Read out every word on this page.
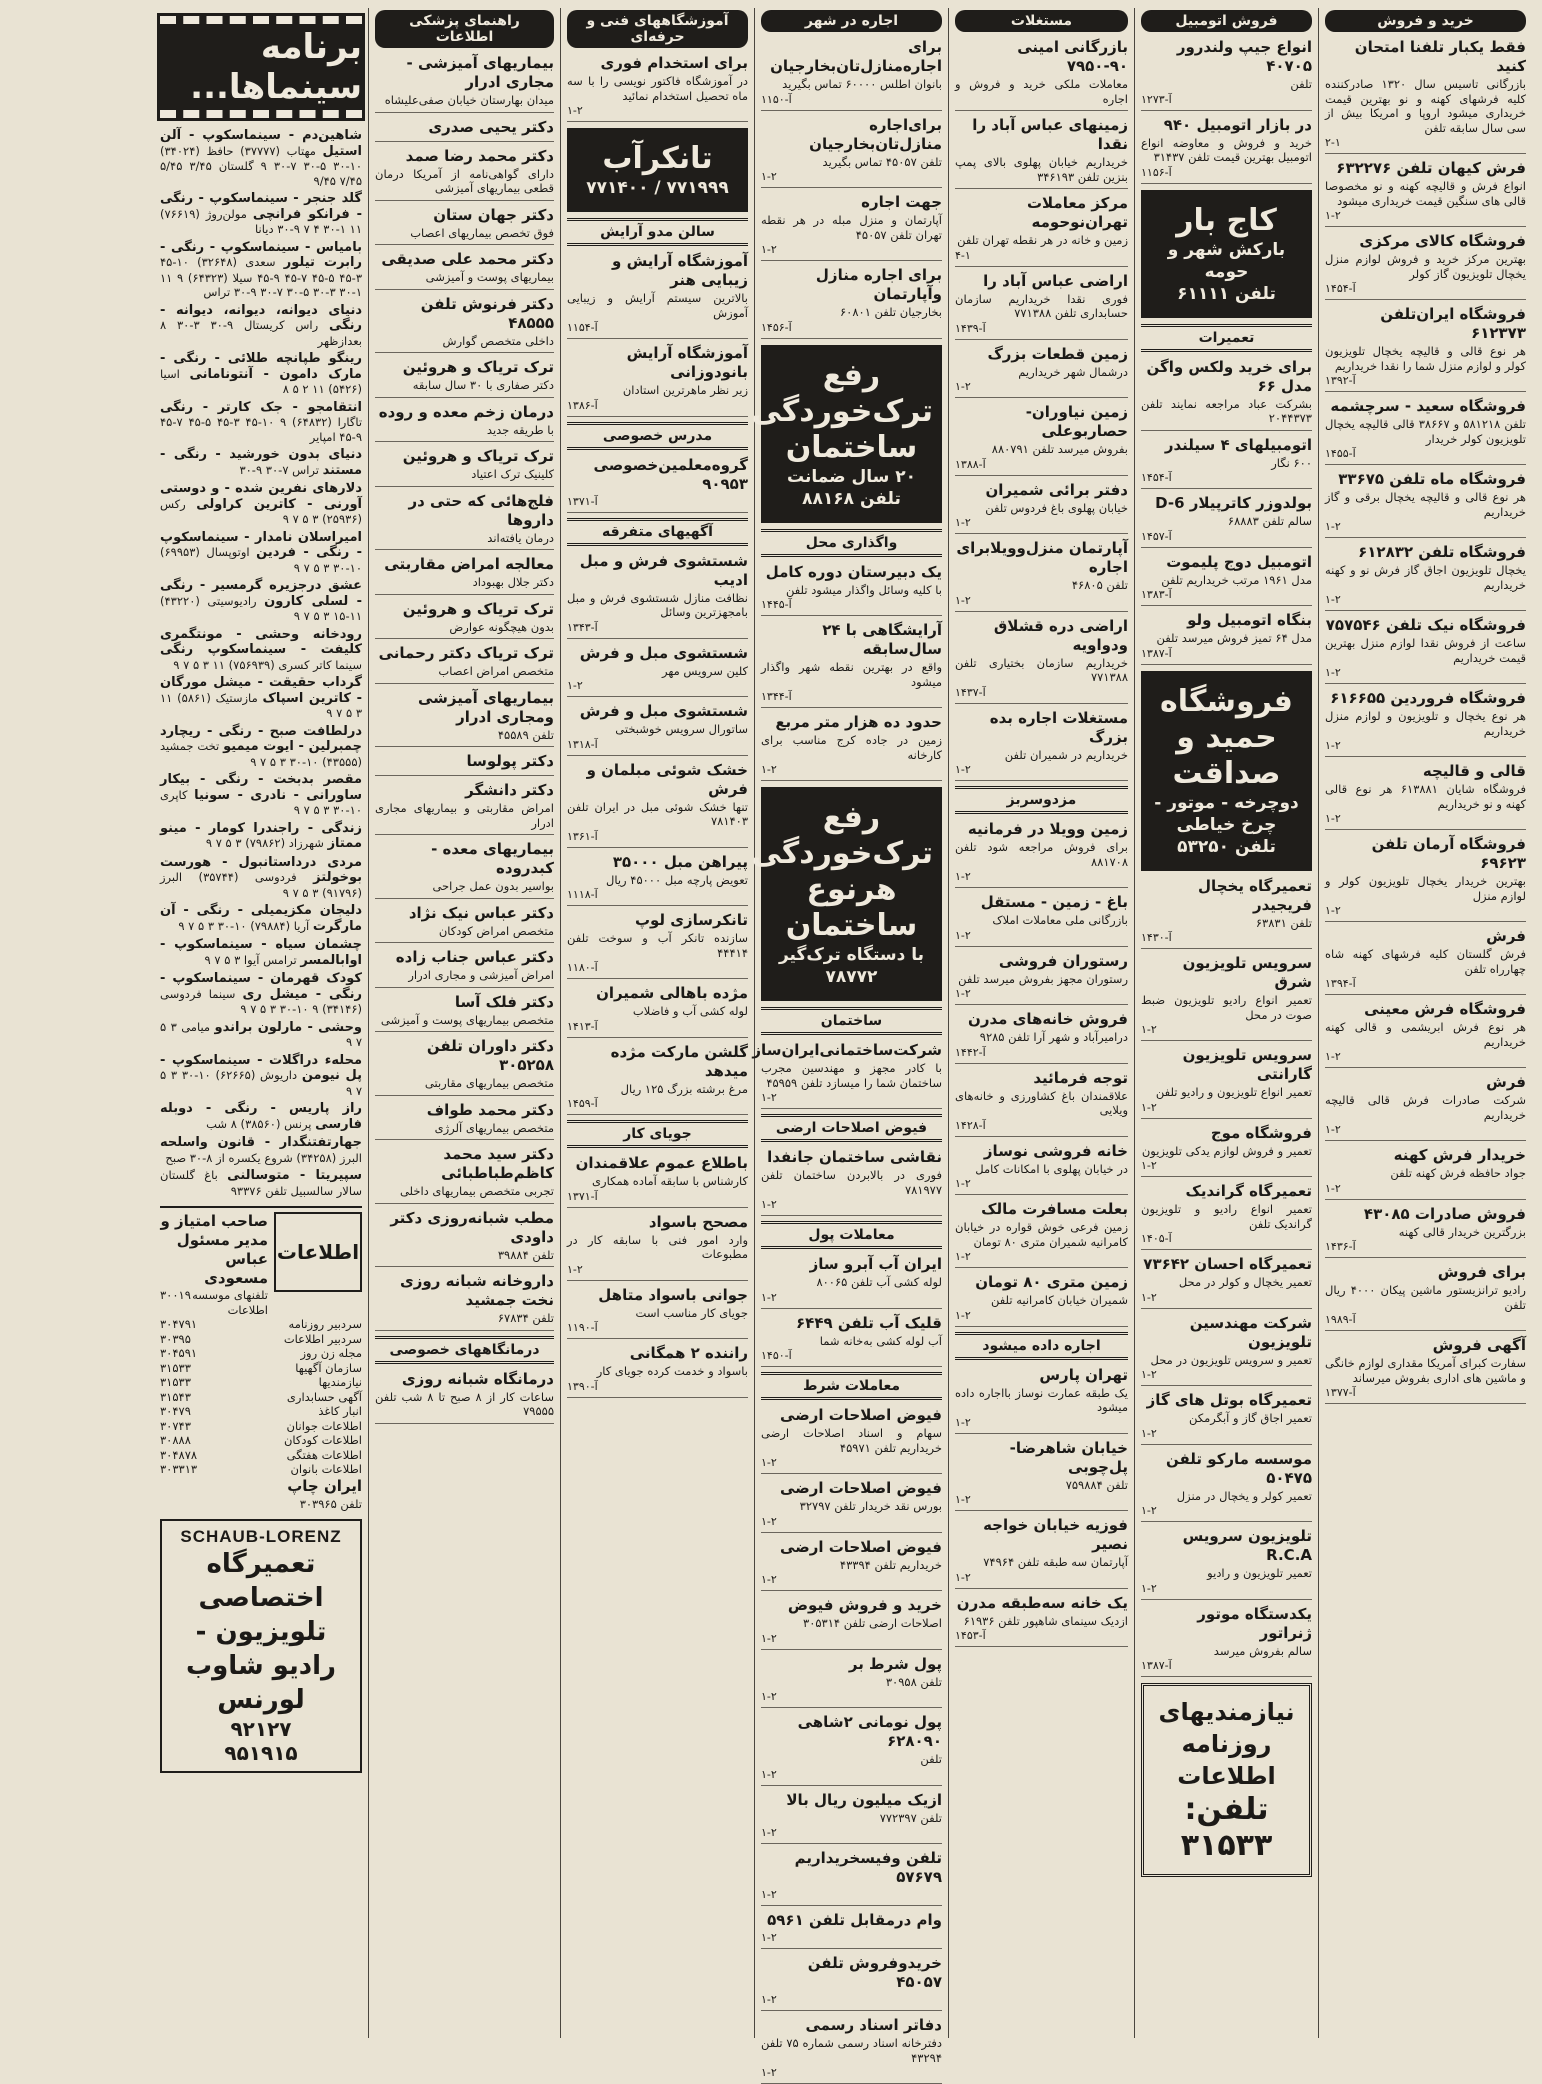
خرید و فروش
فقط یکبار تلفنا امتحان کنید
بازرگانی تاسیس سال ۱۳۲۰ صادرکننده کلیه فرشهای کهنه و نو بهترین قیمت خریداری میشود اروپا و امریکا بیش از سی سال سابقه تلفن
۲-۱
فرش کیهان تلفن ۶۳۲۲۷۶
انواع فرش و قالیچه کهنه و نو مخصوصا قالی های سنگین قیمت خریداری میشود
۱-۲
فروشگاه کالای مرکزی
بهترین مرکز خرید و فروش لوازم منزل یخچال تلویزیون گاز کولر
۱۴۵۴-آ
فروشگاه ایران‌تلفن ۶۱۲۳۷۳
هر نوع قالی و قالیچه یخچال تلویزیون کولر و لوازم منزل شما را نقدا خریداریم
۱۳۹۲-آ
فروشگاه سعید - سرچشمه
تلفن ۵۸۱۲۱۸ و ۳۸۶۶۷ قالی قالیچه یخچال تلویزیون کولر خریدار
۱۴۵۵-آ
فروشگاه ماه تلفن ۳۳۶۷۵
هر نوع قالی و قالیچه یخچال برقی و گاز خریداریم
۱-۲
فروشگاه تلفن ۶۱۲۸۳۲
یخچال تلویزیون اجاق گاز فرش نو و کهنه خریداریم
۱-۲
فروشگاه نیک تلفن ۷۵۷۵۴۶
ساعت از فروش نقدا لوازم منزل بهترین قیمت خریداریم
۱-۲
فروشگاه فروردین ۶۱۶۶۵۵
هر نوع یخچال و تلویزیون و لوازم منزل خریداریم
۱-۲
قالی و قالیچه
فروشگاه شایان ۶۱۳۸۸۱ هر نوع قالی کهنه و نو خریداریم
۱-۲
فروشگاه آرمان تلفن ۶۹۶۲۳
بهترین خریدار یخچال تلویزیون کولر و لوازم منزل
۱-۲
فرش
فرش گلستان کلیه فرشهای کهنه شاه چهارراه تلفن
۱۳۹۴-آ
فروشگاه فرش معینی
هر نوع فرش ابریشمی و قالی کهنه خریداریم
۱-۲
فرش
شرکت صادرات فرش قالی قالیچه خریداریم
۱-۲
خریدار فرش کهنه
جواد حافظه فرش کهنه تلفن
۱-۲
فروش صادرات ۴۳۰۸۵
بزرگترین خریدار قالی کهنه
۱۴۳۶-آ
برای فروش
رادیو ترانزیستور ماشین پیکان ۴۰۰۰ ریال تلفن
۱۹۸۹-آ
آگهی فروش
سفارت کبرای آمریکا مقداری لوازم خانگی و ماشین های اداری بفروش میرساند
۱۳۷۷-آ
فروش اتومبیل
انواع جیپ ولندرور ۴۰۷۰۵
تلفن
۱۲۷۳-آ
در بازار اتومبیل ۹۴۰
خرید و فروش و معاوضه انواع اتومبیل بهترین قیمت تلفن ۳۱۴۳۷
۱۱۵۶-آ
کاج بار
بارکش شهر و حومه
تلفن ۶۱۱۱۱
تعمیرات
برای خرید ولکس واگن مدل ۶۶
بشرکت عباد مراجعه نمایند تلفن ۲۰۴۴۳۷۳
اتومبیلهای ۴ سیلندر
۶۰۰ نگار
۱۴۵۴-آ
بولدوزر کاترپیلار D-6
سالم تلفن ۶۸۸۸۳
۱۴۵۷-آ
اتومبیل دوج پلیموت
مدل ۱۹۶۱ مرتب خریداریم تلفن
۱۳۸۳-آ
بنگاه اتومبیل ولو
مدل ۶۴ تمیز فروش میرسد تلفن
۱۳۸۷-آ
فروشگاه حمید و صداقت
دوچرخه - موتور - چرخ خیاطی
تلفن ۵۳۲۵۰
تعمیرگاه یخچال فریجیدر
تلفن ۶۳۸۳۱
۱۴۳۰-آ
سرویس تلویزیون شرق
تعمیر انواع رادیو تلویزیون ضبط صوت در محل
۱-۲
سرویس تلویزیون گارانتی
تعمیر انواع تلویزیون و رادیو تلفن
۱-۲
فروشگاه موج
تعمیر و فروش لوازم یدکی تلویزیون
۱-۲
تعمیرگاه گراندیک
تعمیر انواع رادیو و تلویزیون گراندیک تلفن
۱۴۰۵-آ
تعمیرگاه احسان ۷۳۶۴۲
تعمیر یخچال و کولر در محل
۱-۲
شرکت مهندسین تلویزیون
تعمیر و سرویس تلویزیون در محل
۱-۲
تعمیرگاه بوتل های گاز
تعمیر اجاق گاز و آبگرمکن
۱-۲
موسسه مارکو تلفن ۵۰۴۷۵
تعمیر کولر و یخچال در منزل
۱-۲
تلویزیون سرویس R.C.A
تعمیر تلویزیون و رادیو
۱-۲
یکدستگاه موتور ژنراتور
سالم بفروش میرسد
۱۳۸۷-آ
نیازمندیهای روزنامه اطلاعات
تلفن: ۳۱۵۳۳
مستغلات
بازرگانی امینی ۹۰-۷۹۵۰
معاملات ملکی خرید و فروش و اجاره
زمینهای عباس آباد را نقدا
خریداریم خیابان پهلوی بالای پمپ بنزین تلفن ۳۴۶۱۹۳
مرکز معاملات تهران‌نوحومه
زمین و خانه در هر نقطه تهران تلفن
۴-۱
اراضی عباس آباد را
فوری نقدا خریداریم سازمان حسابداری تلفن ۷۷۱۳۸۸
۱۴۳۹-آ
زمین قطعات بزرگ
درشمال شهر خریداریم
۱-۲
زمین نیاوران- حصاربوعلی
بفروش میرسد تلفن ۸۸۰۷۹۱
۱۳۸۸-آ
دفتر برائی شمیران
خیابان پهلوی باغ فردوس تلفن
۱-۲
آپارتمان منزل‌وویلابرای اجاره
تلفن ۴۶۸۰۵
۱-۲
اراضی دره قشلاق ودواویه
خریداریم سازمان بختیاری تلفن ۷۷۱۳۸۸
۱۴۳۷-آ
مستغلات اجاره بده بزرگ
خریداریم در شمیران تلفن
۱-۲
مزدوسربز
زمین وویلا در فرمانیه
برای فروش مراجعه شود تلفن ۸۸۱۷۰۸
۱-۲
باغ - زمین - مستقل
بازرگانی ملی معاملات املاک
۱-۲
رستوران فروشی
رستوران مجهز بفروش میرسد تلفن
۱-۲
فروش خانه‌های مدرن
درامیرآباد و شهر آرا تلفن ۹۲۸۵
۱۴۴۲-آ
توجه فرمائید
علاقمندان باغ کشاورزی و خانه‌های ویلایی
۱۴۲۸-آ
خانه فروشی نوساز
در خیابان پهلوی با امکانات کامل
۱-۲
بعلت مسافرت مالک
زمین فرعی خوش قواره در خیابان کامرانیه شمیران متری ۸۰ تومان
۱-۲
زمین متری ۸۰ تومان
شمیران خیابان کامرانیه تلفن
۱-۲
اجاره داده میشود
تهران پارس
یک طبقه عمارت نوساز بااجاره داده میشود
۱-۲
خیابان شاهرضا- پل‌چوبی
تلفن ۷۵۹۸۸۴
۱-۲
فوزیه خیابان خواجه نصیر
آپارتمان سه طبقه تلفن ۷۴۹۶۴
۱-۲
یک خانه سه‌طبقه مدرن
ازدیک سینمای شاهپور تلفن ۶۱۹۳۶
۱۴۵۳-آ
اجاره در شهر
برای اجاره‌منازل‌تان‌بخارجیان
بانوان اطلس ۶۰۰۰۰ تماس بگیرید
۱۱۵۰-آ
برای‌اجاره منازل‌تان‌بخارجیان
تلفن ۴۵۰۵۷ تماس بگیرید
۱-۲
جهت اجاره
آپارتمان و منزل مبله در هر نقطه تهران تلفن ۴۵۰۵۷
۱-۲
برای اجاره منازل وآپارتمان
بخارجیان تلفن ۶۰۸۰۱
۱۴۵۶-آ
رفع ترک‌خوردگی ساختمان
۲۰ سال ضمانت
تلفن ۸۸۱۶۸
واگذاری محل
یک دبیرستان دوره کامل
با کلیه وسائل واگذار میشود تلفن
۱۴۴۵-آ
آرایشگاهی با ۲۴ سال‌سابقه
واقع در بهترین نقطه شهر واگذار میشود
۱۳۴۴-آ
حدود ده هزار متر مربع
زمین در جاده کرج مناسب برای کارخانه
۱-۲
رفع ترک‌خوردگی هرنوع ساختمان
با دستگاه ترک‌گیر
۷۸۷۷۲
ساختمان
شرکت‌ساختمانی‌ایران‌ساز
با کادر مجهز و مهندسین مجرب ساختمان شما را میسازد تلفن ۴۵۹۵۹
۱-۲
فیوض اصلاحات ارضی
نقاشی ساختمان جانفدا
فوری در بالابردن ساختمان تلفن ۷۸۱۹۷۷
۱-۲
معاملات پول
ایران آب آبرو ساز
لوله کشی آب تلفن ۸۰۰۶۵
۱-۲
قلیک آب تلفن ۶۴۴۹
آب لوله کشی به‌خانه شما
۱۴۵۰-آ
معاملات شرط
فیوض اصلاحات ارضی
سهام و اسناد اصلاحات ارضی خریداریم تلفن ۴۵۹۷۱
۱-۲
فیوض اصلاحات ارضی
بورس نقد خریدار تلفن ۳۲۷۹۷
۱-۲
فیوض اصلاحات ارضی
خریداریم تلفن ۴۳۳۹۴
۱-۲
خرید و فروش فیوض
اصلاحات ارضی تلفن ۳۰۵۳۱۴
۱-۲
پول شرط بر
تلفن ۳۰۹۵۸
۱-۲
پول نومانی ۲شاهی ۶۲۸۰۹۰
تلفن
۱-۲
ازیک میلیون ریال بالا
تلفن ۷۷۲۳۹۷
۱-۲
تلفن وفیسخریداریم ۵۷۶۷۹
۱-۲
وام درمقابل تلفن ۵۹۶۱
۱-۲
خریدوفروش تلفن ۴۵۰۵۷
۱-۲
دفاتر اسناد رسمی
دفترخانه اسناد رسمی شماره ۷۵ تلفن ۴۳۲۹۴
۱-۲
آموزشگاههای فنی و حرفه‌ای
برای استخدام فوری
در آموزشگاه فاکتور نویسی را با سه ماه تحصیل استخدام نمائید
۱-۲
تانکرآب
۷۷۱۹۹۹ / ۷۷۱۴۰۰
سالن مدو آرایش
آموزشگاه آرایش و زیبایی هنر
بالاترین سیستم آرایش و زیبایی آموزش
۱۱۵۴-آ
آموزشگاه آرایش بانو‌دوزانی
زیر نظر ماهرترین استادان
۱۳۸۶-آ
مدرس خصوصی
گروه‌معلمین‌خصوصی ۹۰۹۵۳
۱۳۷۱-آ
آگهیهای متفرقه
شستشوی فرش و مبل ادیب
نظافت منازل شستشوی فرش و مبل بامجهزترین وسائل
۱۳۴۳-آ
شستشوی مبل و فرش
کلین سرویس مهر
۱-۲
شستشوی مبل و فرش
ساتورال سرویس خوشبختی
۱۳۱۸-آ
خشک شوئی مبلمان و فرش
تنها خشک شوئی مبل در ایران تلفن ۷۸۱۴۰۳
۱۳۶۱-آ
پیراهن مبل ۳۵۰۰۰
تعویض پارچه مبل ۴۵۰۰۰ ریال
۱۱۱۸-آ
تانکرسازی لوپ
سازنده تانکر آب و سوخت تلفن ۴۴۴۱۴
۱۱۸۰-آ
مژده باهالی شمیران
لوله کشی آب و فاضلاب
۱۴۱۳-آ
گلشن مارکت مژده میدهد
مرغ برشته بزرگ ۱۲۵ ریال
۱۴۵۹-آ
جویای کار
باطلاع عموم علاقمندان
کارشناس با سابقه آماده همکاری
۱۳۷۱-آ
مصحح باسواد
وارد امور فنی با سابقه کار در مطبوعات
۱-۲
جوانی باسواد متاهل
جویای کار مناسب است
۱۱۹۰-آ
راننده ۲ همگانی
باسواد و خدمت کرده جویای کار
۱۳۹۰-آ
راهنمای پزشکی اطلاعات
بیماریهای آمیزشی - مجاری ادرار
میدان بهارستان خیابان صفی‌علیشاه
دکتر یحیی صدری
دکتر محمد رضا صمد
دارای گواهی‌نامه از آمریکا درمان قطعی بیماریهای آمیزشی
دکتر جهان ستان
فوق تخصص بیماریهای اعصاب
دکتر محمد علی صدیقی
بیماریهای پوست و آمیزشی
دکتر فرنوش تلفن ۴۸۵۵۵
داخلی متخصص گوارش
ترک تریاک و هروئین
دکتر صفاری با ۳۰ سال سابقه
درمان زخم معده و روده
با طریقه جدید
ترک تریاک و هروئین
کلینیک ترک اعتیاد
فلج‌هائی که حتی در داروها
درمان یافته‌اند
معالجه امراض مقاربتی
دکتر جلال بهبوداد
ترک تریاک و هروئین
بدون هیچگونه عوارض
ترک تریاک دکتر رحمانی
متخصص امراض اعصاب
بیماریهای آمیزشی ومجاری ادرار
تلفن ۴۵۵۸۹
دکتر پولوسا
دکتر دانشگر
امراض مقاربتی و بیماریهای مجاری ادرار
بیماریهای معده - کبدروده
بواسیر بدون عمل جراحی
دکتر عباس نیک نژاد
متخصص امراض کودکان
دکتر عباس جناب زاده
امراض آمیزشی و مجاری ادرار
دکتر فلک آسا
متخصص بیماریهای پوست و آمیزشی
دکتر داوران تلفن ۳۰۵۲۵۸
متخصص بیماریهای مقاربتی
دکتر محمد طواف
متخصص بیماریهای آلرژی
دکتر سید محمد کاظم‌طباطبائی
تجربی متخصص بیماریهای داخلی
مطب شبانه‌روزی دکتر داودی
تلفن ۳۹۸۸۴
داروخانه شبانه روزی نخت جمشید
تلفن ۶۷۸۳۴
درمانگاههای خصوصی
درمانگاه شبانه روزی
ساعات کار از ۸ صبح تا ۸ شب تلفن ۷۹۵۵۵
برنامه سینماها...
شاهین‌دم - سینماسکوپ - آلن استیل مهتاب (۳۷۷۷۷) حافظ (۳۴۰۲۴) ۱۰-۳۰ ۵-۳۰ ۷-۳۰ ۹ گلستان ۳/۴۵ ۵/۴۵ ۷/۴۵ ۹/۴۵
گلد جنجر - سینماسکوپ - رنگی - فرانکو فرانچی مولن‌روژ (۷۶۶۱۹) ۱۱ ۱-۳۰ ۴ ۷ ۹-۳۰ دیانا
بامیاس - سینماسکوپ - رنگی - رابرت تیلور سعدی (۳۲۶۴۸) ۱۰-۴۵ ۳-۴۵ ۵-۴۵ ۷-۴۵ ۹-۴۵ سیلا (۶۴۳۲۳) ۹ ۱۱ ۱-۳۰ ۳-۳۰ ۵-۳۰ ۷-۳۰ ۹-۳۰ تراس
دنیای دیوانه، دیوانه، دیوانه - رنگی راس کریستال ۹-۳۰ ۳-۳۰ ۸ بعدازظهر
رینگو طپانچه طلائی - رنگی - مارک دامون - آنتونامانی اسیا (۵۴۲۶) ۱۱ ۲ ۵ ۸
انتقامجو - جک کارتر - رنگی تاگارا (۶۴۸۳۲) ۹ ۱۰-۴۵ ۳-۴۵ ۵-۴۵ ۷-۴۵ ۹-۴۵ امپایر
دنیای بدون خورشید - رنگی - مستند تراس ۷-۳۰ ۹-۳۰
دلارهای نفرین شده - و دوستی آورنی - کاترین کراولی رکس (۲۵۹۳۶) ۳ ۵ ۷ ۹
امیراسلان نامدار - سینماسکوپ - رنگی - فردین اوتوپسال (۶۹۹۵۳) ۱۰-۳۰ ۳ ۵ ۷ ۹
عشق درجزیره گرمسیر - رنگی - لسلی کارون رادیوسیتی (۴۳۲۲۰) ۱۱-۱۵ ۳ ۵ ۷ ۹
رودخانه وحشی - مونتگمری کلیفت - سینماسکوپ رنگی سینما کاتر کسری (۷۵۶۹۳۹) ۱۱ ۳ ۵ ۷ ۹
گرداب حقیقت - میشل مورگان - کاترین اسپاک مازستیک (۵۸۶۱) ۱۱ ۳ ۵ ۷ ۹
درلطافت صبح - رنگی - ریچارد چمبرلین - ایوت میمیو تخت جمشید (۴۳۵۵۵) ۱۰-۳۰ ۳ ۵ ۷ ۹
مقصر بدبخت - رنگی - بیکار ساورانی - نادری - سونیا کاپری ۱۰-۳۰ ۳ ۵ ۷ ۹
زندگی - راجندرا کومار - مینو ممتاز شهرزاد (۷۹۸۶۲) ۳ ۵ ۷ ۹
مردی درداستانبول - هورست بوخولتز فردوسی (۳۵۷۴۴) البرز (۹۱۷۹۶) ۳ ۵ ۷ ۹
دلیجان مکزیمیلی - رنگی - آن مارگرت آریا (۷۹۸۸۴) ۱۰-۳۰ ۳ ۵ ۷ ۹
چشمان سیاه - سینماسکوپ - اوابالمسر ترامس آیوا ۳ ۵ ۷ ۹
کودک قهرمان - سینماسکوپ - رنگی - میشل ری سینما فردوسی (۳۴۱۴۶) ۹ ۱۰-۳۰ ۳ ۵ ۷ ۹
وحشی - مارلون براندو میامی ۳ ۵ ۷ ۹
محلهء دراگلات - سینماسکوپ - پل نیومن داریوش (۶۲۶۶۵) ۱۰-۳۰ ۳ ۵ ۷ ۹
راز پاریس - رنگی - دوبله فارسی پرنس (۳۸۵۶۰) ۸ شب
جهارتفتنگدار - قانون واسلحه البرز (۳۴۲۵۸) شروع یکسره از ۸-۳۰ صبح
سپیریتا - متوسالنی باغ گلستان سالار سالسبیل تلفن ۹۳۳۷۶
اطلاعات
صاحب امتیاز و مدیر مسئول عباس مسعودی
تلفنهای موسسه اطلاعات
۳۰۰۱۹
سردبیر روزنامه
۳۰۴۷۹۱
سردبیر اطلاعات
۳۰۳۹۵
مجله زن روز
۳۰۴۵۹۱
سازمان آگهیها
۳۱۵۳۳
نیازمندیها
۳۱۵۳۳
آگهی حسابداری
۳۱۵۴۳
انبار کاغذ
۳۰۴۷۹
اطلاعات جوانان
۳۰۷۴۳
اطلاعات کودکان
۳۰۸۸۸
اطلاعات هفتگی
۳۰۴۸۷۸
اطلاعات بانوان
۳۰۳۳۱۳
ایران چاپ
تلفن ۳۰۳۹۶۵
SCHAUB-LORENZ
تعمیرگاه اختصاصی تلویزیون - رادیو شاوب لورنس
۹۲۱۲۷
۹۵۱۹۱۵
